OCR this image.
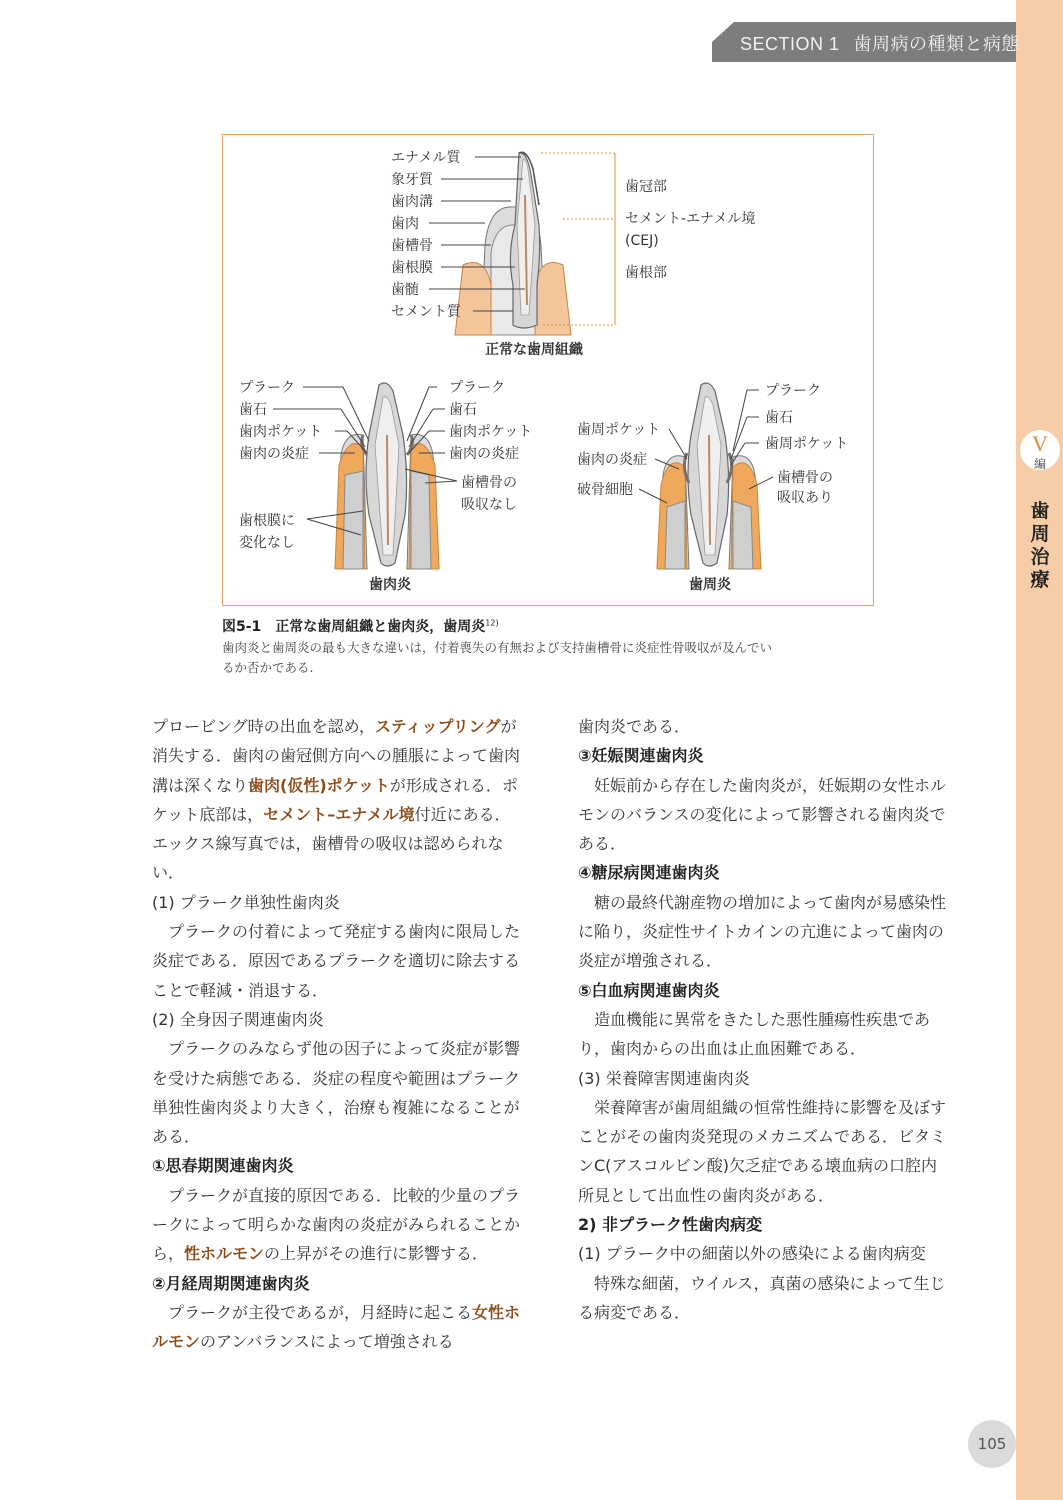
SECTION 1 歯周病の種類と病態
V
編
歯
周
治
療
エナメル質
象牙質
歯肉溝
歯肉
歯槽骨
歯根膜
歯髄
セメント質
歯冠部
セメント-エナメル境
(CEJ)
歯根部
正常な歯周組織
プラーク
歯石
歯肉ポケット
歯肉の炎症
プラーク
歯石
歯肉ポケット
歯肉の炎症
歯槽骨の
吸収なし
歯根膜に
変化なし
歯肉炎
歯周ポケット
歯肉の炎症
破骨細胞
プラーク
歯石
歯周ポケット
歯槽骨の
吸収あり
歯周炎
図5-1　正常な歯周組織と歯肉炎，歯周炎$^{12)}$
歯肉炎と歯周炎の最も大きな違いは，付着喪失の有無および支持歯槽骨に炎症性骨吸収が及んでい
るか否かである.

プロービング時の出血を認め，スティップリングが消失する．歯肉の歯冠側方向への腫脹によって歯肉溝は深くなり歯肉(仮性)ポケットが形成される．ポケット底部は，セメント–エナメル境付近にある．エックス線写真では，歯槽骨の吸収は認められない．

(1) プラーク単独性歯肉炎

プラークの付着によって発症する歯肉に限局した炎症である．原因であるプラークを適切に除去することで軽減・消退する．

(2) 全身因子関連歯肉炎

プラークのみならず他の因子によって炎症が影響を受けた病態である．炎症の程度や範囲はプラーク単独性歯肉炎より大きく，治療も複雑になることがある．

①思春期関連歯肉炎

プラークが直接的原因である．比較的少量のプラークによって明らかな歯肉の炎症がみられることから，性ホルモンの上昇がその進行に影響する．

②月経周期関連歯肉炎

プラークが主役であるが，月経時に起こる女性ホルモンのアンバランスによって増強される

歯肉炎である．

③妊娠関連歯肉炎

妊娠前から存在した歯肉炎が，妊娠期の女性ホルモンのバランスの変化によって影響される歯肉炎である．

④糖尿病関連歯肉炎

糖の最終代謝産物の増加によって歯肉が易感染性に陥り，炎症性サイトカインの亢進によって歯肉の炎症が増強される．

⑤白血病関連歯肉炎

造血機能に異常をきたした悪性腫瘍性疾患であり，歯肉からの出血は止血困難である．

(3) 栄養障害関連歯肉炎

栄養障害が歯周組織の恒常性維持に影響を及ぼすことがその歯肉炎発現のメカニズムである．ビタミンC(アスコルビン酸)欠乏症である壊血病の口腔内所見として出血性の歯肉炎がある．

2) 非プラーク性歯肉病変

(1) プラーク中の細菌以外の感染による歯肉病変

特殊な細菌，ウイルス，真菌の感染によって生じる病変である．

105
